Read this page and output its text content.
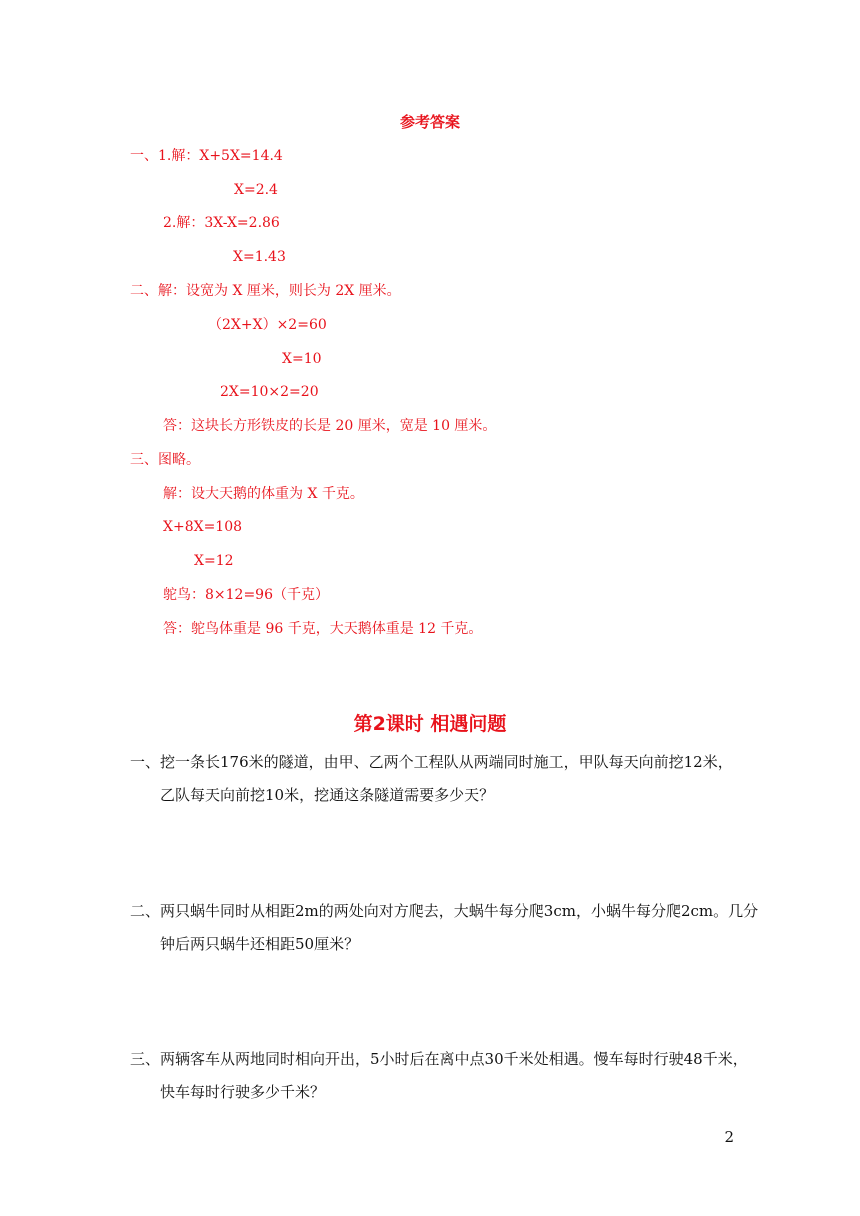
参考答案
一、1.解：X+5X=14.4
X=2.4
2.解：3X-X=2.86
X=1.43
二、解：设宽为 X 厘米，则长为 2X 厘米。
（2X+X）×2=60
X=10
2X=10×2=20
答：这块长方形铁皮的长是 20 厘米，宽是 10 厘米。
三、图略。
解：设大天鹅的体重为 X 千克。
X+8X=108
X=12
鸵鸟：8×12=96（千克）
答：鸵鸟体重是 96 千克，大天鹅体重是 12 千克。
第2课时 相遇问题
一、挖一条长176米的隧道，由甲、乙两个工程队从两端同时施工，甲队每天向前挖12米，
乙队每天向前挖10米，挖通这条隧道需要多少天？
二、两只蜗牛同时从相距2m的两处向对方爬去，大蜗牛每分爬3cm，小蜗牛每分爬2cm。几分
钟后两只蜗牛还相距50厘米？
三、两辆客车从两地同时相向开出，5小时后在离中点30千米处相遇。慢车每时行驶48千米，
快车每时行驶多少千米？
2
